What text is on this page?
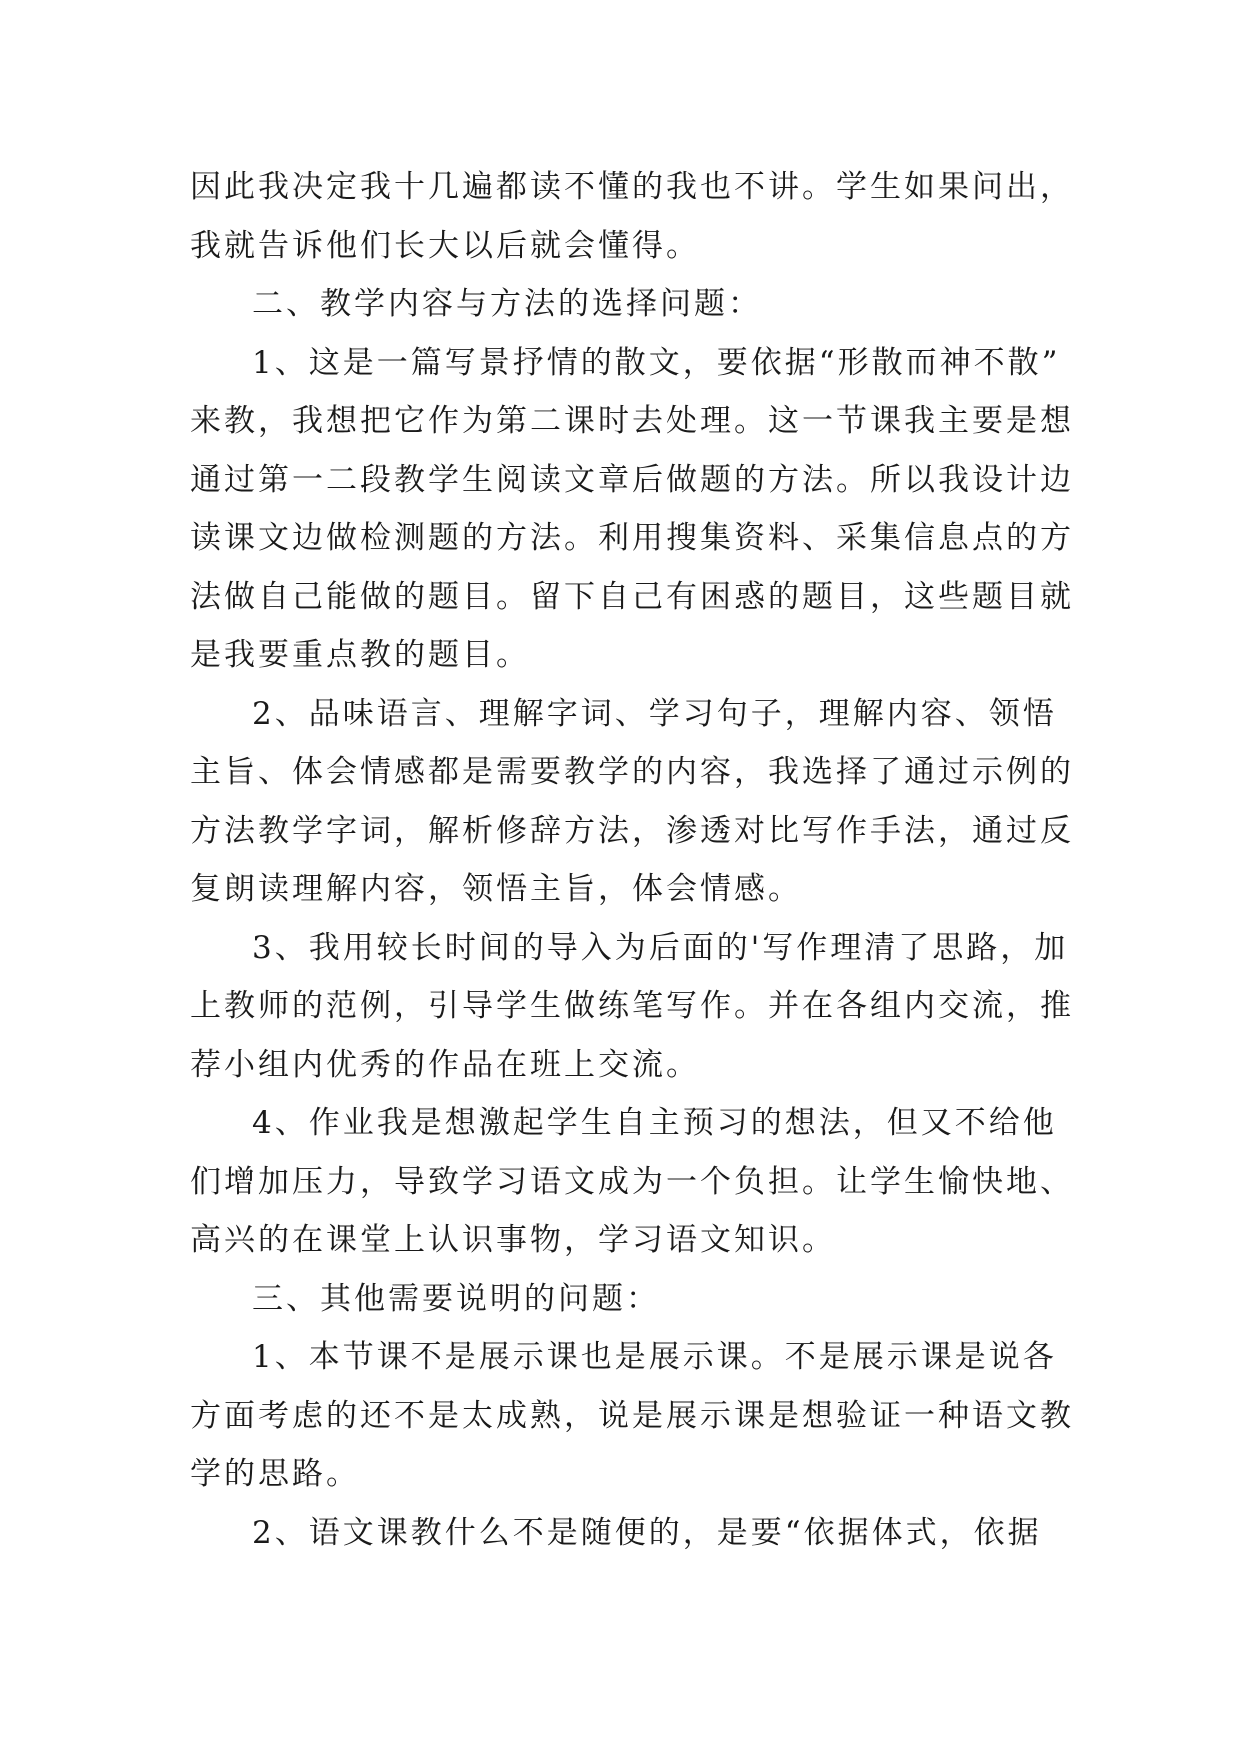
因此我决定我十几遍都读不懂的我也不讲。学生如果问出，
我就告诉他们长大以后就会懂得。
二、教学内容与方法的选择问题：
1、这是一篇写景抒情的散文，要依据“形散而神不散”
来教，我想把它作为第二课时去处理。这一节课我主要是想
通过第一二段教学生阅读文章后做题的方法。所以我设计边
读课文边做检测题的方法。利用搜集资料、采集信息点的方
法做自己能做的题目。留下自己有困惑的题目，这些题目就
是我要重点教的题目。
2、品味语言、理解字词、学习句子，理解内容、领悟
主旨、体会情感都是需要教学的内容，我选择了通过示例的
方法教学字词，解析修辞方法，渗透对比写作手法，通过反
复朗读理解内容，领悟主旨，体会情感。
3、我用较长时间的导入为后面的'写作理清了思路，加
上教师的范例，引导学生做练笔写作。并在各组内交流，推
荐小组内优秀的作品在班上交流。
4、作业我是想激起学生自主预习的想法，但又不给他
们增加压力，导致学习语文成为一个负担。让学生愉快地、
高兴的在课堂上认识事物，学习语文知识。
三、其他需要说明的问题：
1、本节课不是展示课也是展示课。不是展示课是说各
方面考虑的还不是太成熟，说是展示课是想验证一种语文教
学的思路。
2、语文课教什么不是随便的，是要“依据体式，依据
